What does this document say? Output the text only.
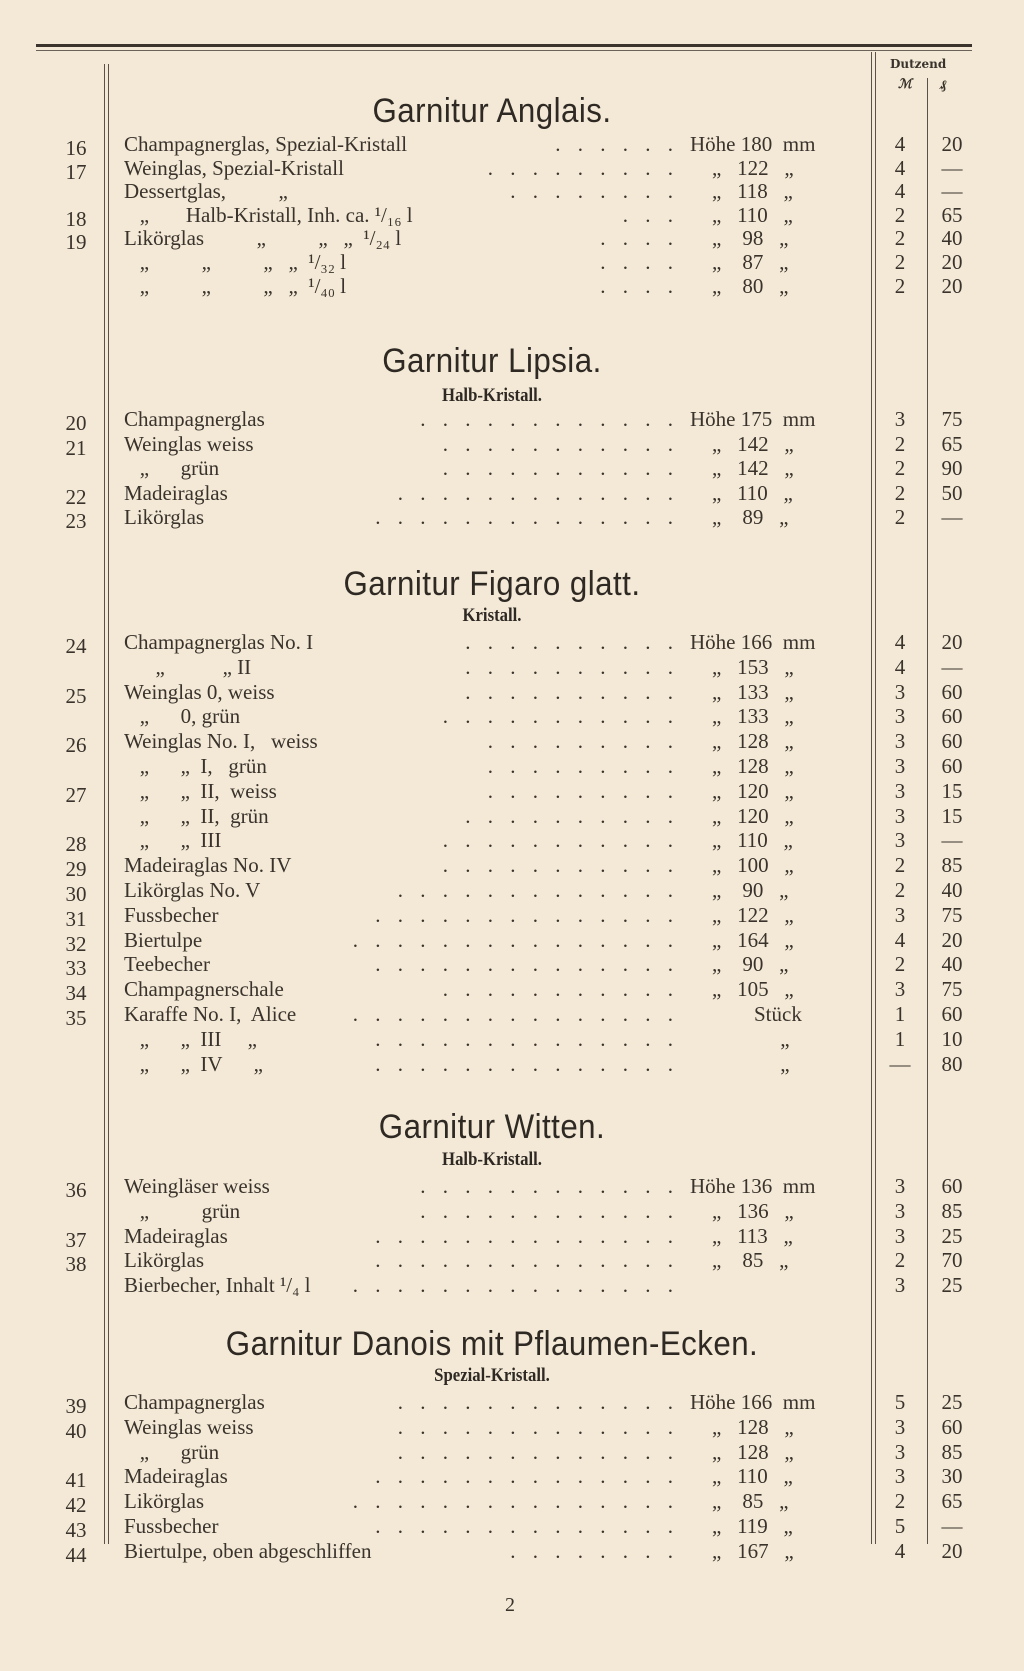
Dutzend
ℳ ₰
Garnitur Anglais.
16	Champagnerglas, Spezial-Kristall	. . . . . . Höhe 180  mm	4	20
17	Weinglas, Spezial-Kristall	. . . . . . . . . „   122   „	4	—
Dessertglas,          „	. . . . . . . . „   118   „	4	—
18	„       Halb-Kristall, Inh. ca. ¹/₁₆ l	. . . „   110   „	2	65
19	Likörglas          „          „   „  ¹/₂₄ l	. . . . „    98   „	2	40
„          „          „   „  ¹/₃₂ l	. . . . „    87   „	2	20
„          „          „   „  ¹/₄₀ l	. . . . „    80   „	2	20
Garnitur Lipsia.
Halb-Kristall.
20	Champagnerglas	. . . . . . . . . . . . Höhe 175  mm	3	75
21	Weinglas weiss	. . . . . . . . . . . „   142   „	2	65
„      grün	. . . . . . . . . . . „   142   „	2	90
22	Madeiraglas	. . . . . . . . . . . . . „   110   „	2	50
23	Likörglas	. . . . . . . . . . . . . . „    89   „	2	—
Garnitur Figaro glatt.
Kristall.
24	Champagnerglas No. I	. . . . . . . . . . Höhe 166  mm	4	20
„           „ II	. . . . . . . . . . „   153   „	4	—
25	Weinglas 0, weiss	. . . . . . . . . . „   133   „	3	60
„      0, grün	. . . . . . . . . . . „   133   „	3	60
26	Weinglas No. I,   weiss	. . . . . . . . . „   128   „	3	60
„      „  I,   grün	. . . . . . . . . „   128   „	3	60
27	„      „  II,  weiss	. . . . . . . . . „   120   „	3	15
„      „  II,  grün	. . . . . . . . . . „   120   „	3	15
28	„      „  III	. . . . . . . . . . . „   110   „	3	—
29	Madeiraglas No. IV	. . . . . . . . . . . „   100   „	2	85
30	Likörglas No. V	. . . . . . . . . . . . . „    90   „	2	40
31	Fussbecher	. . . . . . . . . . . . . . „   122   „	3	75
32	Biertulpe	. . . . . . . . . . . . . . . „   164   „	4	20
33	Teebecher	. . . . . . . . . . . . . . „    90   „	2	40
34	Champagnerschale	. . . . . . . . . . . „   105   „	3	75
35	Karaffe No. I,  Alice	. . . . . . . . . . . . . . . Stück	1	60
„      „  III     „	. . . . . . . . . . . . . . „	1	10
„      „  IV      „	. . . . . . . . . . . . . . „	—	80
Garnitur Witten.
Halb-Kristall.
36	Weingläser weiss	. . . . . . . . . . . . Höhe 136  mm	3	60
„          grün	. . . . . . . . . . . . „   136   „	3	85
37	Madeiraglas	. . . . . . . . . . . . . . „   113   „	3	25
38	Likörglas	. . . . . . . . . . . . . . „    85   „	2	70
Bierbecher, Inhalt ¹/₄ l . . . . . . . . . . . . . . .	3	25
Garnitur Danois mit Pflaumen-Ecken.
Spezial-Kristall.
39	Champagnerglas	. . . . . . . . . . . . . Höhe 166  mm	5	25
40	Weinglas weiss	. . . . . . . . . . . . . „   128   „	3	60
„      grün	. . . . . . . . . . . . . „   128   „	3	85
41	Madeiraglas	. . . . . . . . . . . . . . „   110   „	3	30
42	Likörglas	. . . . . . . . . . . . . . . „    85   „	2	65
43	Fussbecher	. . . . . . . . . . . . . . „   119   „	5	—
44	Biertulpe, oben abgeschliffen	. . . . . . . . „   167   „	4	20
2
